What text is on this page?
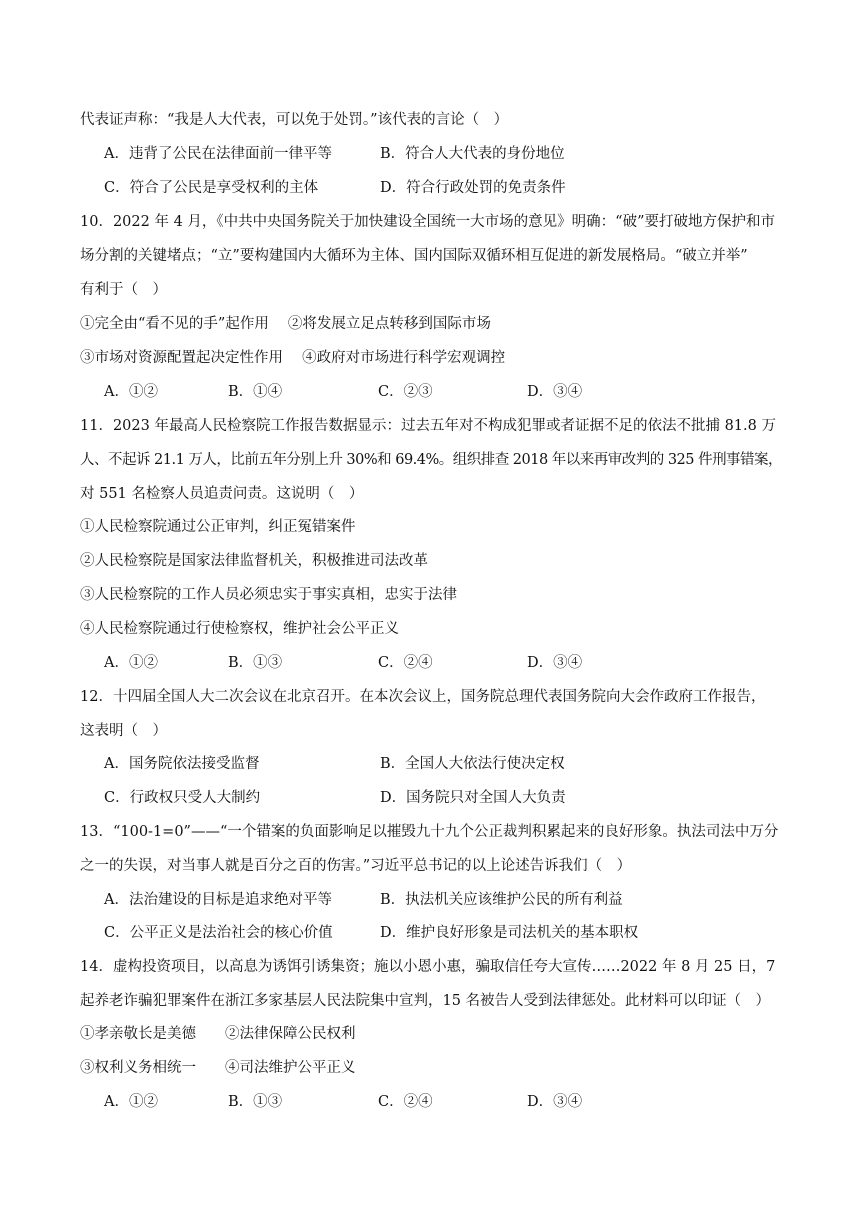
代表证声称：“我是人大代表，可以免于处罚。”该代表的言论（　）
A．违背了公民在法律面前一律平等	B．符合人大代表的身份地位
C．符合了公民是享受权利的主体	D．符合行政处罚的免责条件
10．2022 年 4 月，《中共中央国务院关于加快建设全国统一大市场的意见》明确：“破”要打破地方保护和市
场分割的关键堵点；“立”要构建国内大循环为主体、国内国际双循环相互促进的新发展格局。“破立并举”
有利于（　）
①完全由“看不见的手”起作用　 ②将发展立足点转移到国际市场
③市场对资源配置起决定性作用　 ④政府对市场进行科学宏观调控
A．①②	B．①④	C．②③	D．③④
11．2023 年最高人民检察院工作报告数据显示：过去五年对不构成犯罪或者证据不足的依法不批捕 81.8 万
人、不起诉 21.1 万人，比前五年分别上升 30%和 69.4%。组织排查 2018 年以来再审改判的 325 件刑事错案，
对 551 名检察人员追责问责。这说明（　）
①人民检察院通过公正审判，纠正冤错案件
②人民检察院是国家法律监督机关，积极推进司法改革
③人民检察院的工作人员必须忠实于事实真相，忠实于法律
④人民检察院通过行使检察权，维护社会公平正义
A．①②	B．①③	C．②④	D．③④
12．十四届全国人大二次会议在北京召开。在本次会议上，国务院总理代表国务院向大会作政府工作报告，
这表明（　）
A．国务院依法接受监督	B．全国人大依法行使决定权
C．行政权只受人大制约	D．国务院只对全国人大负责
13．“100-1=0”——“一个错案的负面影响足以摧毁九十九个公正裁判积累起来的良好形象。执法司法中万分
之一的失误，对当事人就是百分之百的伤害。”习近平总书记的以上论述告诉我们（　）
A．法治建设的目标是追求绝对平等	B．执法机关应该维护公民的所有利益
C．公平正义是法治社会的核心价值	D．维护良好形象是司法机关的基本职权
14．虚构投资项目，以高息为诱饵引诱集资；施以小恩小惠，骗取信任夸大宣传……2022 年 8 月 25 日，7
起养老诈骗犯罪案件在浙江多家基层人民法院集中宣判，15 名被告人受到法律惩处。此材料可以印证（　）
①孝亲敬长是美德　　②法律保障公民权利
③权利义务相统一　　④司法维护公平正义
A．①②	B．①③	C．②④	D．③④
